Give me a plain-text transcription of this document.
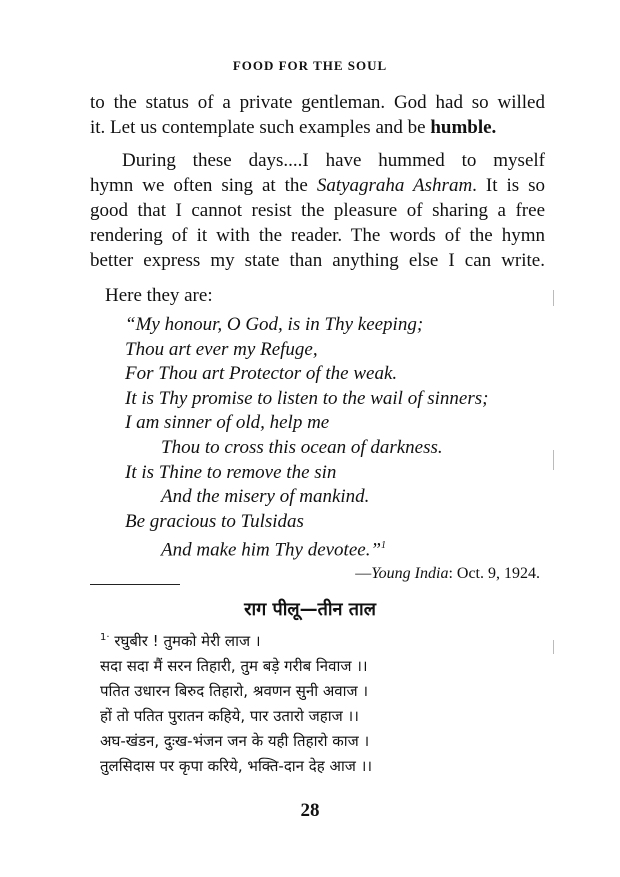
FOOD FOR THE SOUL

to the status of a private gentleman. God had so willed

it. Let us contemplate such examples and be humble.

During these days....I have hummed to myself

hymn we often sing at the Satyagraha Ashram. It is so

good that I cannot resist the pleasure of sharing a free

rendering of it with the reader. The words of the hymn

better express my state than anything else I can write.

Here they are:
“My honour, O God, is in Thy keeping;
Thou art ever my Refuge,
For Thou art Protector of the weak.
It is Thy promise to listen to the wail of sinners;
I am sinner of old, help me
Thou to cross this ocean of darkness.
It is Thine to remove the sin
And the misery of mankind.
Be gracious to Tulsidas
And make him Thy devotee.”$^1$
—Young India: Oct. 9, 1924.
राग पीलू—तीन ताल
$^{1\cdot}$ रघुबीर ! तुमको मेरी लाज ।
सदा सदा मैं सरन तिहारी, तुम बड़े गरीब निवाज ।।
पतित उधारन बिरुद तिहारो, श्रवणन सुनी अवाज ।
हों तो पतित पुरातन कहिये, पार उतारो जहाज ।।
अघ-खंडन, दुःख-भंजन जन के यही तिहारो काज ।
तुलसिदास पर कृपा करिये, भक्ति-दान देह आज ।।
28
